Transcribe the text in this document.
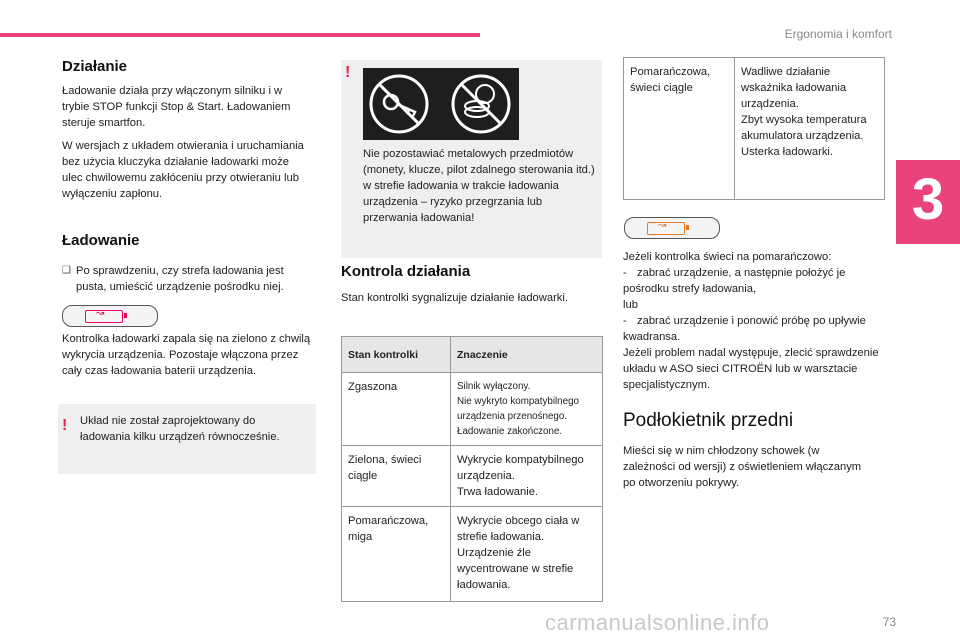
Ergonomia i komfort
3
Działanie

Ładowanie działa przy włączonym silniku i w trybie STOP funkcji Stop & Start. Ładowaniem steruje smartfon.

W wersjach z układem otwierania i uruchamiania bez użycia kluczyka działanie ładowarki może ulec chwilowemu zakłóceniu przy otwieraniu lub wyłączeniu zapłonu.

Ładowanie
❏ Po sprawdzeniu, czy strefa ładowania jest pusta, umieścić urządzenie pośrodku niej.

↝

Kontrolka ładowarki zapala się na zielono z chwilą wykrycia urządzenia. Pozostaje włączona przez cały czas ładowania baterii urządzenia.

! Układ nie został zaprojektowany do ładowania kilku urządzeń równocześnie.

!

Nie pozostawiać metalowych przedmiotów (monety, klucze, pilot zdalnego sterowania itd.) w strefie ładowania w trakcie ładowania urządzenia – ryzyko przegrzania lub przerwania ładowania!

Kontrola działania

Stan kontrolki sygnalizuje działanie ładowarki.

Stan kontrolki	Znaczenie
Zgaszona	Silnik wyłączony.
Nie wykryto kompatybilnego urządzenia przenośnego.
Ładowanie zakończone.
Zielona, świeci ciągle	Wykrycie kompatybilnego urządzenia.
Trwa ładowanie.
Pomarańczowa, miga	Wykrycie obcego ciała w strefie ładowania.
Urządzenie źle wycentrowane w strefie ładowania.
Pomarańczowa, świeci ciągle	Wadliwe działanie wskaźnika ładowania urządzenia.
Zbyt wysoka temperatura akumulatora urządzenia.
Usterka ładowarki.
↝

Jeżeli kontrolka świeci na pomarańczowo:

- zabrać urządzenie, a następnie położyć je pośrodku strefy ładowania,

lub

- zabrać urządzenie i ponowić próbę po upływie kwadransa.

Jeżeli problem nadal występuje, zlecić sprawdzenie układu w ASO sieci CITROËN lub w warsztacie specjalistycznym.

Podłokietnik przedni

Mieści się w nim chłodzony schowek (w zależności od wersji) z oświetleniem włączanym po otworzeniu pokrywy.

carmanualsonline.info	73
